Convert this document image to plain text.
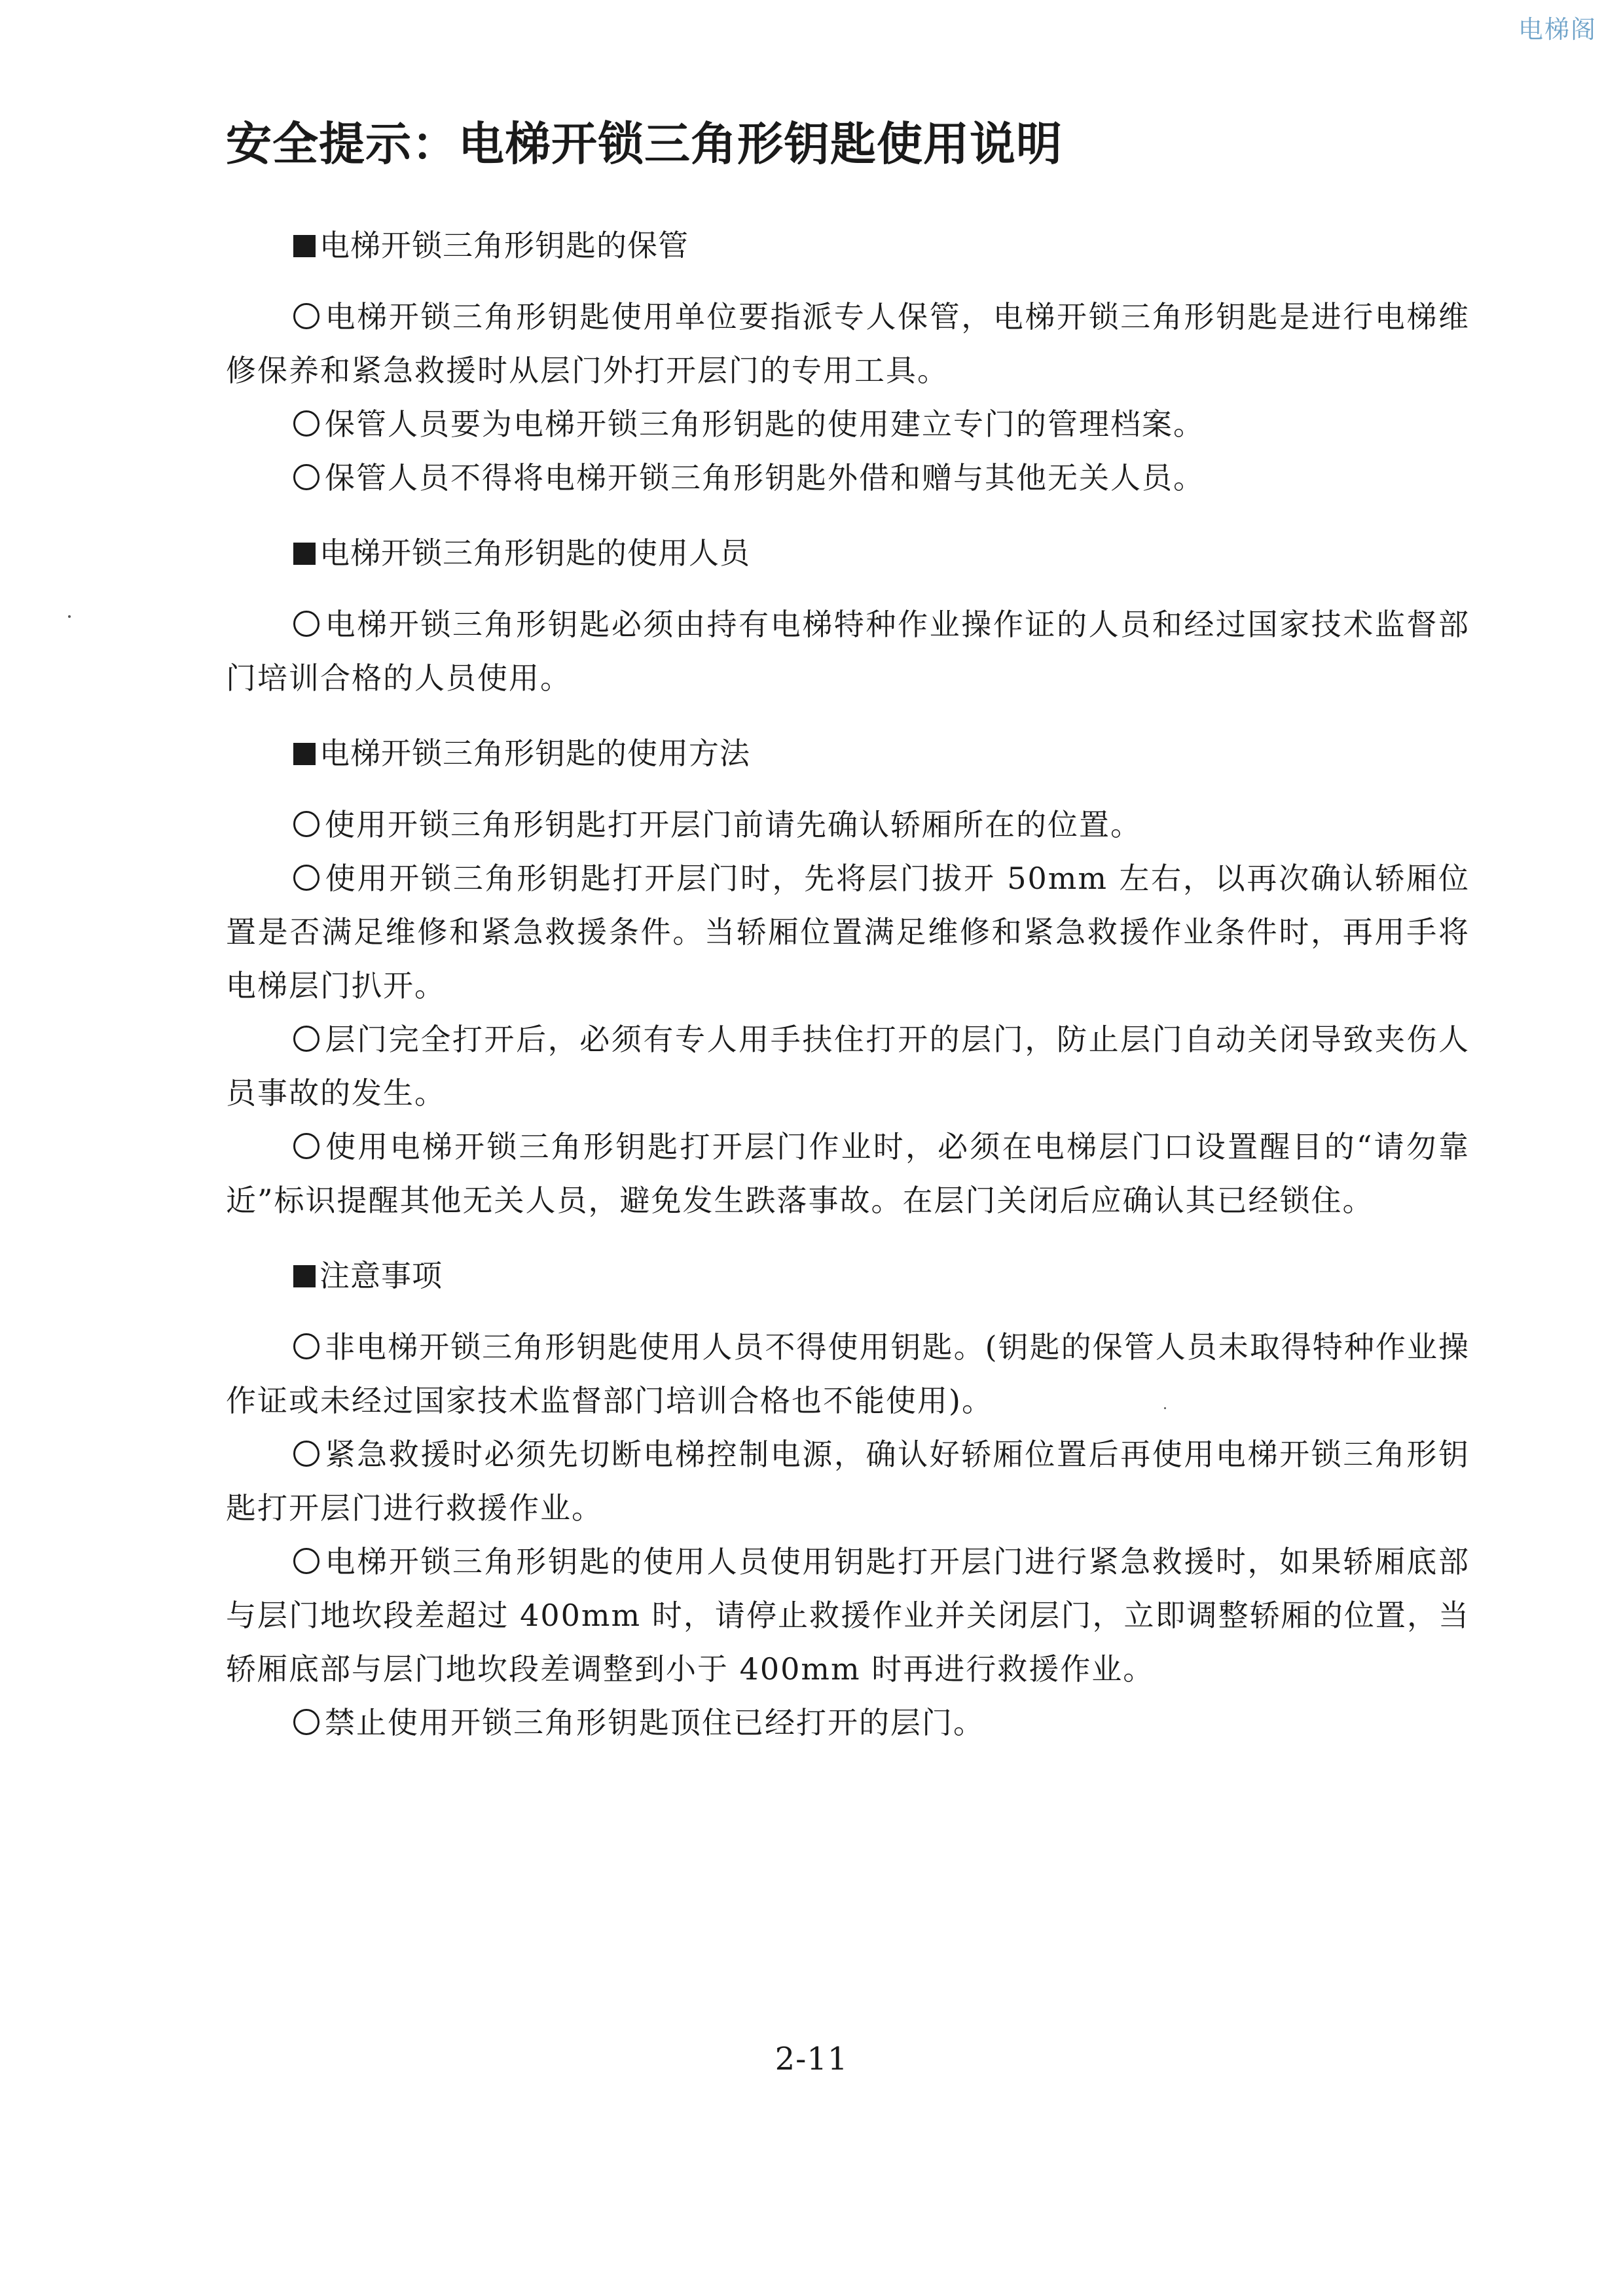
电梯阁
安全提示：电梯开锁三角形钥匙使用说明
电梯开锁三角形钥匙的保管

电梯开锁三角形钥匙使用单位要指派专人保管，电梯开锁三角形钥匙是进行电梯维修保养和紧急救援时从层门外打开层门的专用工具。

保管人员要为电梯开锁三角形钥匙的使用建立专门的管理档案。

保管人员不得将电梯开锁三角形钥匙外借和赠与其他无关人员。

电梯开锁三角形钥匙的使用人员

电梯开锁三角形钥匙必须由持有电梯特种作业操作证的人员和经过国家技术监督部门培训合格的人员使用。

电梯开锁三角形钥匙的使用方法

使用开锁三角形钥匙打开层门前请先确认轿厢所在的位置。

使用开锁三角形钥匙打开层门时，先将层门拔开 50mm 左右，以再次确认轿厢位置是否满足维修和紧急救援条件。当轿厢位置满足维修和紧急救援作业条件时，再用手将电梯层门扒开。

层门完全打开后，必须有专人用手扶住打开的层门，防止层门自动关闭导致夹伤人员事故的发生。

使用电梯开锁三角形钥匙打开层门作业时，必须在电梯层门口设置醒目的“请勿靠近”标识提醒其他无关人员，避免发生跌落事故。在层门关闭后应确认其已经锁住。

注意事项

非电梯开锁三角形钥匙使用人员不得使用钥匙。(钥匙的保管人员未取得特种作业操作证或未经过国家技术监督部门培训合格也不能使用)。

紧急救援时必须先切断电梯控制电源，确认好轿厢位置后再使用电梯开锁三角形钥匙打开层门进行救援作业。

电梯开锁三角形钥匙的使用人员使用钥匙打开层门进行紧急救援时，如果轿厢底部与层门地坎段差超过 400mm 时，请停止救援作业并关闭层门，立即调整轿厢的位置，当轿厢底部与层门地坎段差调整到小于 400mm 时再进行救援作业。

禁止使用开锁三角形钥匙顶住已经打开的层门。

2-11
